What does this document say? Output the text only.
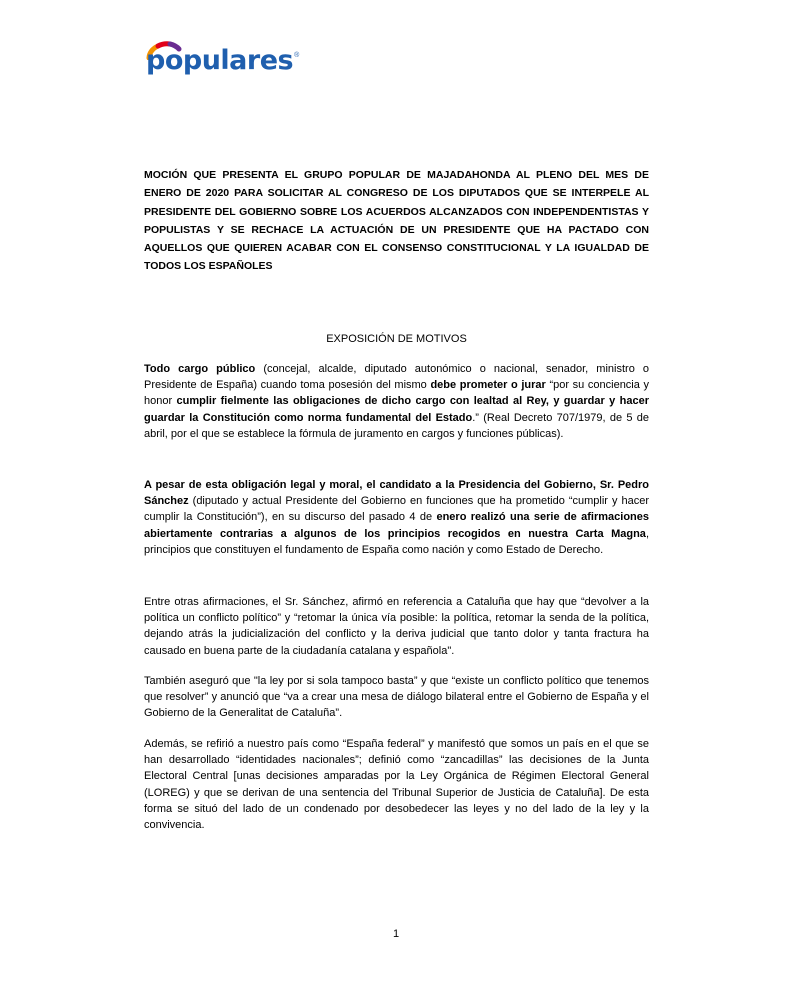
populares ®
MOCIÓN QUE PRESENTA EL GRUPO POPULAR DE MAJADAHONDA AL PLENO DEL MES DE ENERO DE 2020 PARA SOLICITAR AL CONGRESO DE LOS DIPUTADOS QUE SE INTERPELE AL PRESIDENTE DEL GOBIERNO SOBRE LOS ACUERDOS ALCANZADOS CON INDEPENDENTISTAS Y POPULISTAS Y SE RECHACE LA ACTUACIÓN DE UN PRESIDENTE QUE HA PACTADO CON AQUELLOS QUE QUIEREN ACABAR CON EL CONSENSO CONSTITUCIONAL Y LA IGUALDAD DE TODOS LOS ESPAÑOLES
EXPOSICIÓN DE MOTIVOS

Todo cargo público (concejal, alcalde, diputado autonómico o nacional, senador, ministro o Presidente de España) cuando toma posesión del mismo debe prometer o jurar “por su conciencia y honor cumplir fielmente las obligaciones de dicho cargo con lealtad al Rey, y guardar y hacer guardar la Constitución como norma fundamental del Estado.” (Real Decreto 707/1979, de 5 de abril, por el que se establece la fórmula de juramento en cargos y funciones públicas).

A pesar de esta obligación legal y moral, el candidato a la Presidencia del Gobierno, Sr. Pedro Sánchez (diputado y actual Presidente del Gobierno en funciones que ha prometido “cumplir y hacer cumplir la Constitución”), en su discurso del pasado 4 de enero realizó una serie de afirmaciones abiertamente contrarias a algunos de los principios recogidos en nuestra Carta Magna, principios que constituyen el fundamento de España como nación y como Estado de Derecho.

Entre otras afirmaciones, el Sr. Sánchez, afirmó en referencia a Cataluña que hay que “devolver a la política un conflicto político” y “retomar la única vía posible: la política, retomar la senda de la política, dejando atrás la judicialización del conflicto y la deriva judicial que tanto dolor y tanta fractura ha causado en buena parte de la ciudadanía catalana y española".

También aseguró que "la ley por si sola tampoco basta” y que “existe un conflicto político que tenemos que resolver” y anunció que “va a crear una mesa de diálogo bilateral entre el Gobierno de España y el Gobierno de la Generalitat de Cataluña”.

Además, se refirió a nuestro país como “España federal” y manifestó que somos un país en el que se han desarrollado “identidades nacionales”; definió como “zancadillas” las decisiones de la Junta Electoral Central [unas decisiones amparadas por la Ley Orgánica de Régimen Electoral General (LOREG) y que se derivan de una sentencia del Tribunal Superior de Justicia de Cataluña]. De esta forma se situó del lado de un condenado por desobedecer las leyes y no del lado de la ley y la convivencia.

1
